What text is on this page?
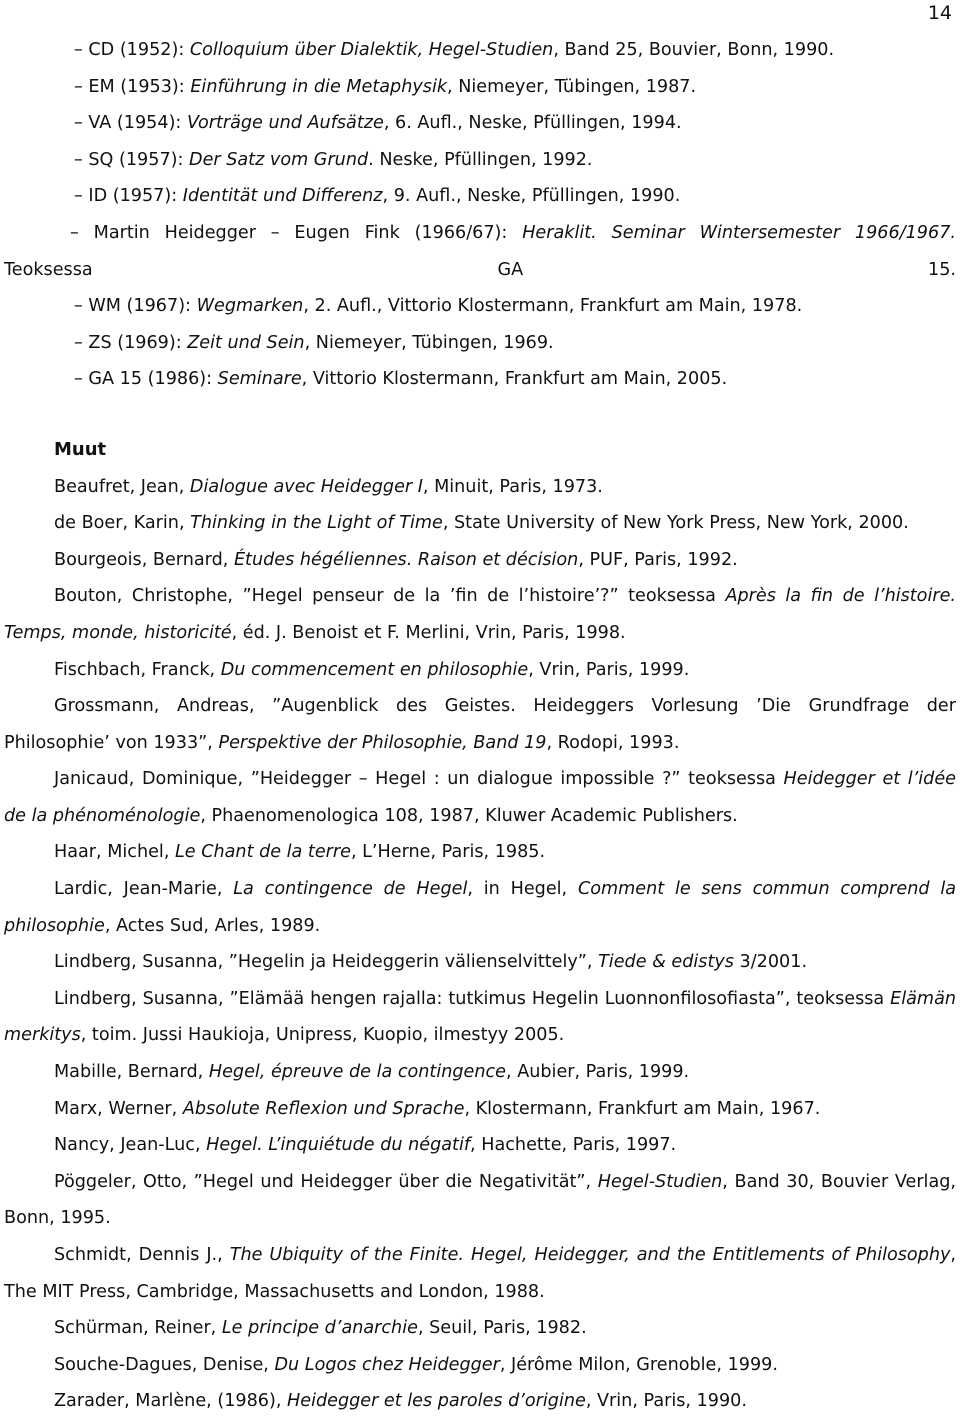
14

– CD (1952): Colloquium über Dialektik, Hegel-Studien, Band 25, Bouvier, Bonn, 1990.

– EM (1953): Einführung in die Metaphysik, Niemeyer, Tübingen, 1987.

– VA (1954): Vorträge und Aufsätze, 6. Aufl., Neske, Pfüllingen, 1994.

– SQ (1957): Der Satz vom Grund. Neske, Pfüllingen, 1992.

– ID (1957): Identität und Differenz, 9. Aufl., Neske, Pfüllingen, 1990.

– Martin Heidegger – Eugen Fink (1966/67): Heraklit. Seminar Wintersemester 1966/1967. Teoksessa GA 15.

– WM (1967): Wegmarken, 2. Aufl., Vittorio Klostermann, Frankfurt am Main, 1978.

– ZS (1969): Zeit und Sein, Niemeyer, Tübingen, 1969.

– GA 15 (1986): Seminare, Vittorio Klostermann, Frankfurt am Main, 2005.

Muut

Beaufret, Jean, Dialogue avec Heidegger I, Minuit, Paris, 1973.

de Boer, Karin, Thinking in the Light of Time, State University of New York Press, New York, 2000.

Bourgeois, Bernard, Études hégéliennes. Raison et décision, PUF, Paris, 1992.

Bouton, Christophe, ”Hegel penseur de la ’fin de l’histoire’?” teoksessa Après la fin de l’histoire. Temps, monde, historicité, éd. J. Benoist et F. Merlini, Vrin, Paris, 1998.

Fischbach, Franck, Du commencement en philosophie, Vrin, Paris, 1999.

Grossmann, Andreas, ”Augenblick des Geistes. Heideggers Vorlesung ’Die Grundfrage der Philosophie’ von 1933”, Perspektive der Philosophie, Band 19, Rodopi, 1993.

Janicaud, Dominique, ”Heidegger – Hegel : un dialogue impossible ?” teoksessa Heidegger et l’idée de la phénoménologie, Phaenomenologica 108, 1987, Kluwer Academic Publishers.

Haar, Michel, Le Chant de la terre, L’Herne, Paris, 1985.

Lardic, Jean-Marie, La contingence de Hegel, in Hegel, Comment le sens commun comprend la philosophie, Actes Sud, Arles, 1989.

Lindberg, Susanna, ”Hegelin ja Heideggerin välienselvittely”, Tiede & edistys 3/2001.

Lindberg, Susanna, ”Elämää hengen rajalla: tutkimus Hegelin Luonnonfilosofiasta”, teoksessa Elämän merkitys, toim. Jussi Haukioja, Unipress, Kuopio, ilmestyy 2005.

Mabille, Bernard, Hegel, épreuve de la contingence, Aubier, Paris, 1999.

Marx, Werner, Absolute Reflexion und Sprache, Klostermann, Frankfurt am Main, 1967.

Nancy, Jean-Luc, Hegel. L’inquiétude du négatif, Hachette, Paris, 1997.

Pöggeler, Otto, ”Hegel und Heidegger über die Negativität”, Hegel-Studien, Band 30, Bouvier Verlag, Bonn, 1995.

Schmidt, Dennis J., The Ubiquity of the Finite. Hegel, Heidegger, and the Entitlements of Philosophy, The MIT Press, Cambridge, Massachusetts and London, 1988.

Schürman, Reiner, Le principe d’anarchie, Seuil, Paris, 1982.

Souche-Dagues, Denise, Du Logos chez Heidegger, Jérôme Milon, Grenoble, 1999.

Zarader, Marlène, (1986), Heidegger et les paroles d’origine, Vrin, Paris, 1990.
